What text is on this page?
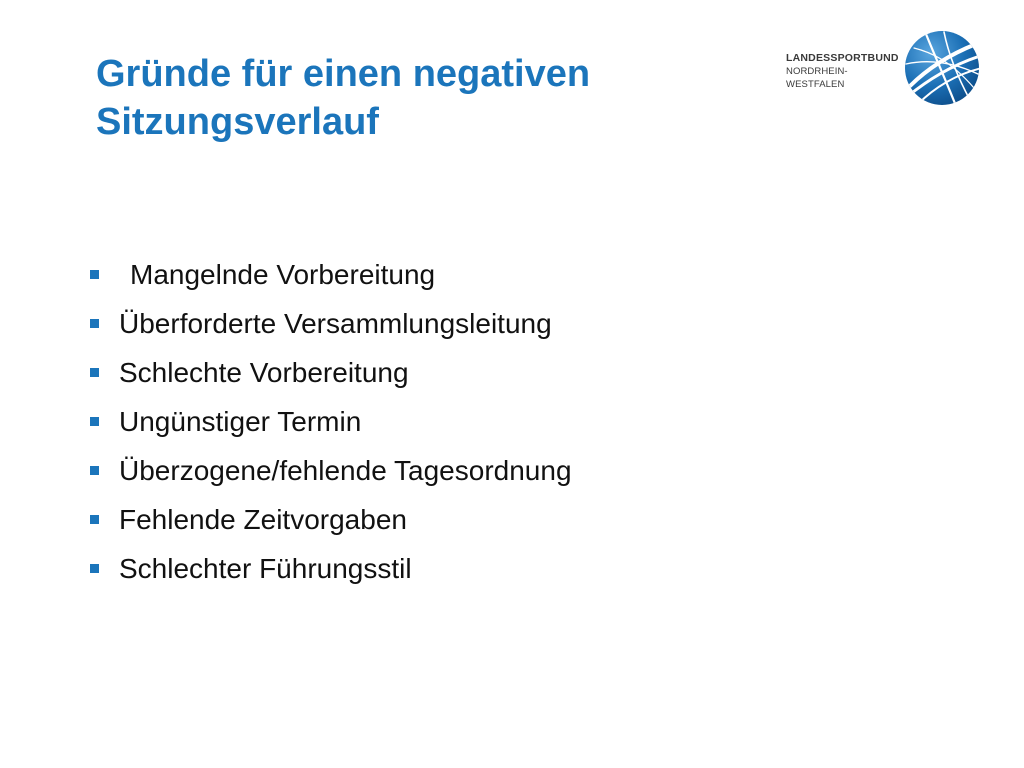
Gründe für einen negativen
Sitzungsverlauf
LANDESSPORTBUND
NORDRHEIN-WESTFALEN
Mangelnde Vorbereitung
Überforderte Versammlungsleitung
Schlechte Vorbereitung
Ungünstiger Termin
Überzogene/fehlende Tagesordnung
Fehlende Zeitvorgaben
Schlechter Führungsstil
